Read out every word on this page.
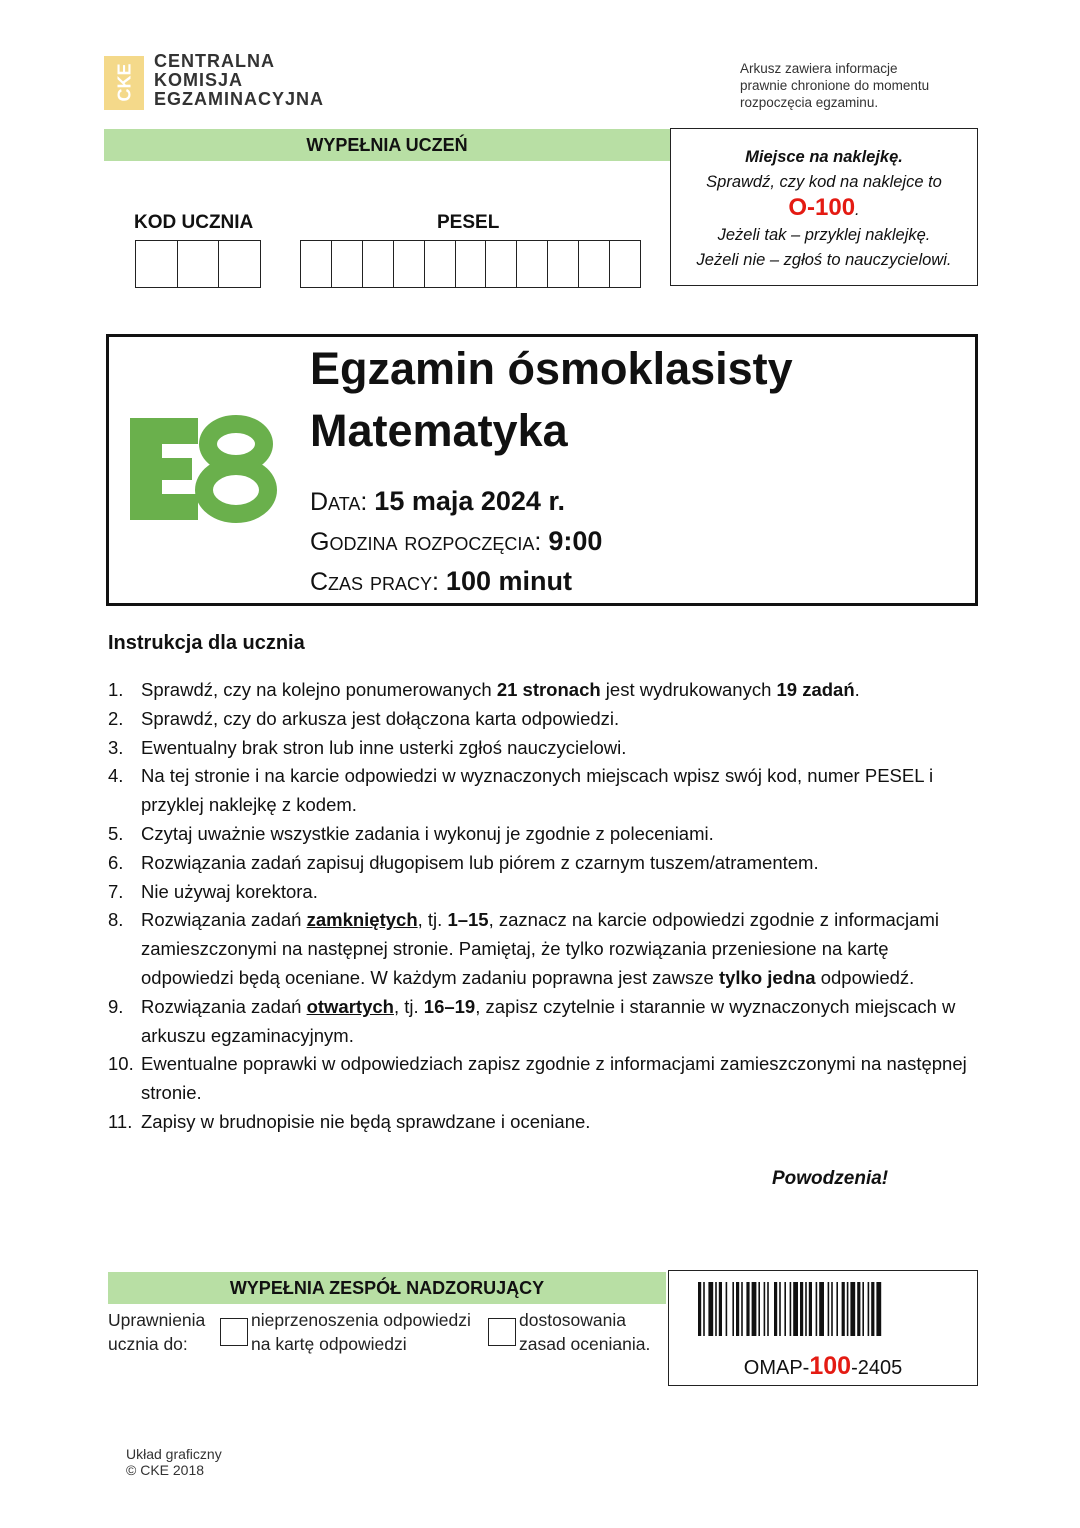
CKE
CENTRALNA
KOMISJA
EGZAMINACYJNA
Arkusz zawiera informacje
prawnie chronione do momentu
rozpoczęcia egzaminu.
WYPEŁNIA UCZEŃ
KOD UCZNIA	PESEL
Miejsce na naklejkę.
Sprawdź, czy kod na naklejce to
O-100.
Jeżeli tak – przyklej naklejkę.
Jeżeli nie – zgłoś to nauczycielowi.
E8
Egzamin ósmoklasisty
Matematyka
Data: 15 maja 2024 r.
Godzina rozpoczęcia: 9:00
Czas pracy: 100 minut
Instrukcja dla ucznia
1. Sprawdź, czy na kolejno ponumerowanych 21 stronach jest wydrukowanych 19 zadań.
2. Sprawdź, czy do arkusza jest dołączona karta odpowiedzi.
3. Ewentualny brak stron lub inne usterki zgłoś nauczycielowi.
4. Na tej stronie i na karcie odpowiedzi w wyznaczonych miejscach wpisz swój kod, numer PESEL i przyklej naklejkę z kodem.
5. Czytaj uważnie wszystkie zadania i wykonuj je zgodnie z poleceniami.
6. Rozwiązania zadań zapisuj długopisem lub piórem z czarnym tuszem/atramentem.
7. Nie używaj korektora.
8. Rozwiązania zadań zamkniętych, tj. 1–15, zaznacz na karcie odpowiedzi zgodnie z informacjami zamieszczonymi na następnej stronie. Pamiętaj, że tylko rozwiązania przeniesione na kartę odpowiedzi będą oceniane. W każdym zadaniu poprawna jest zawsze tylko jedna odpowiedź.
9. Rozwiązania zadań otwartych, tj. 16–19, zapisz czytelnie i starannie w wyznaczonych miejscach w arkuszu egzaminacyjnym.
10. Ewentualne poprawki w odpowiedziach zapisz zgodnie z informacjami zamieszczonymi na następnej stronie.
11. Zapisy w brudnopisie nie będą sprawdzane i oceniane.
Powodzenia!
WYPEŁNIA ZESPÓŁ NADZORUJĄCY
Uprawnienia
ucznia do:
nieprzenoszenia odpowiedzi
na kartę odpowiedzi
dostosowania
zasad oceniania.
OMAP-100-2405
Układ graficzny
© CKE 2018
